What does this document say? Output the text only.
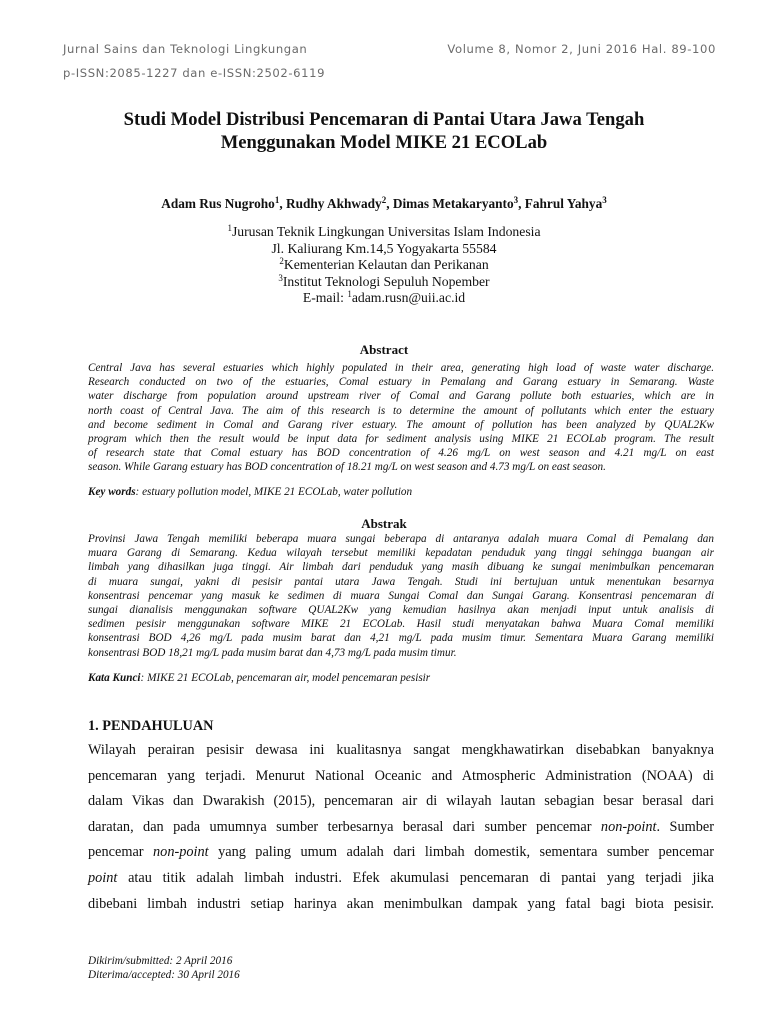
Jurnal Sains dan Teknologi Lingkungan	Volume 8, Nomor 2, Juni 2016 Hal. 89-100
p-ISSN:2085-1227 dan e-ISSN:2502-6119
Studi Model Distribusi Pencemaran di Pantai Utara Jawa Tengah
Menggunakan Model MIKE 21 ECOLab
Adam Rus Nugroho$^1$, Rudhy Akhwady$^2$, Dimas Metakaryanto$^3$, Fahrul Yahya$^3$
$^1$Jurusan Teknik Lingkungan Universitas Islam Indonesia
Jl. Kaliurang Km.14,5 Yogyakarta 55584
$^2$Kementerian Kelautan dan Perikanan
$^3$Institut Teknologi Sepuluh Nopember
E-mail: $^1$adam.rusn@uii.ac.id
Abstract
Central Java has several estuaries which highly populated in their area, generating high load of waste water discharge.
Research conducted on two of the estuaries, Comal estuary in Pemalang and Garang estuary in Semarang. Waste
water discharge from population around upstream river of Comal and Garang pollute both estuaries, which are in
north coast of Central Java. The aim of this research is to determine the amount of pollutants which enter the estuary
and become sediment in Comal and Garang river estuary. The amount of pollution has been analyzed by QUAL2Kw
program which then the result would be input data for sediment analysis using MIKE 21 ECOLab program. The result
of research state that Comal estuary has BOD concentration of 4.26 mg/L on west season and 4.21 mg/L on east
season. While Garang estuary has BOD concentration of 18.21 mg/L on west season and 4.73 mg/L on east season.
Key words: estuary pollution model, MIKE 21 ECOLab, water pollution
Abstrak
Provinsi Jawa Tengah memiliki beberapa muara sungai beberapa di antaranya adalah muara Comal di Pemalang dan
muara Garang di Semarang. Kedua wilayah tersebut memiliki kepadatan penduduk yang tinggi sehingga buangan air
limbah yang dihasilkan juga tinggi. Air limbah dari penduduk yang masih dibuang ke sungai menimbulkan pencemaran
di muara sungai, yakni di pesisir pantai utara Jawa Tengah. Studi ini bertujuan untuk menentukan besarnya
konsentrasi pencemar yang masuk ke sedimen di muara Sungai Comal dan Sungai Garang. Konsentrasi pencemaran di
sungai dianalisis menggunakan software QUAL2Kw yang kemudian hasilnya akan menjadi input untuk analisis di
sedimen pesisir menggunakan software MIKE 21 ECOLab. Hasil studi menyatakan bahwa Muara Comal memiliki
konsentrasi BOD 4,26 mg/L pada musim barat dan 4,21 mg/L pada musim timur. Sementara Muara Garang memiliki
konsentrasi BOD 18,21 mg/L pada musim barat dan 4,73 mg/L pada musim timur.
Kata Kunci: MIKE 21 ECOLab, pencemaran air, model pencemaran pesisir
1. PENDAHULUAN
Wilayah perairan pesisir dewasa ini kualitasnya sangat mengkhawatirkan disebabkan banyaknya
pencemaran yang terjadi. Menurut National Oceanic and Atmospheric Administration (NOAA) di
dalam Vikas dan Dwarakish (2015), pencemaran air di wilayah lautan sebagian besar berasal dari
daratan, dan pada umumnya sumber terbesarnya berasal dari sumber pencemar non-point. Sumber
pencemar non-point yang paling umum adalah dari limbah domestik, sementara sumber pencemar
point atau titik adalah limbah industri. Efek akumulasi pencemaran di pantai yang terjadi jika
dibebani limbah industri setiap harinya akan menimbulkan dampak yang fatal bagi biota pesisir.
Dikirim/submitted: 2 April 2016
Diterima/accepted: 30 April 2016
